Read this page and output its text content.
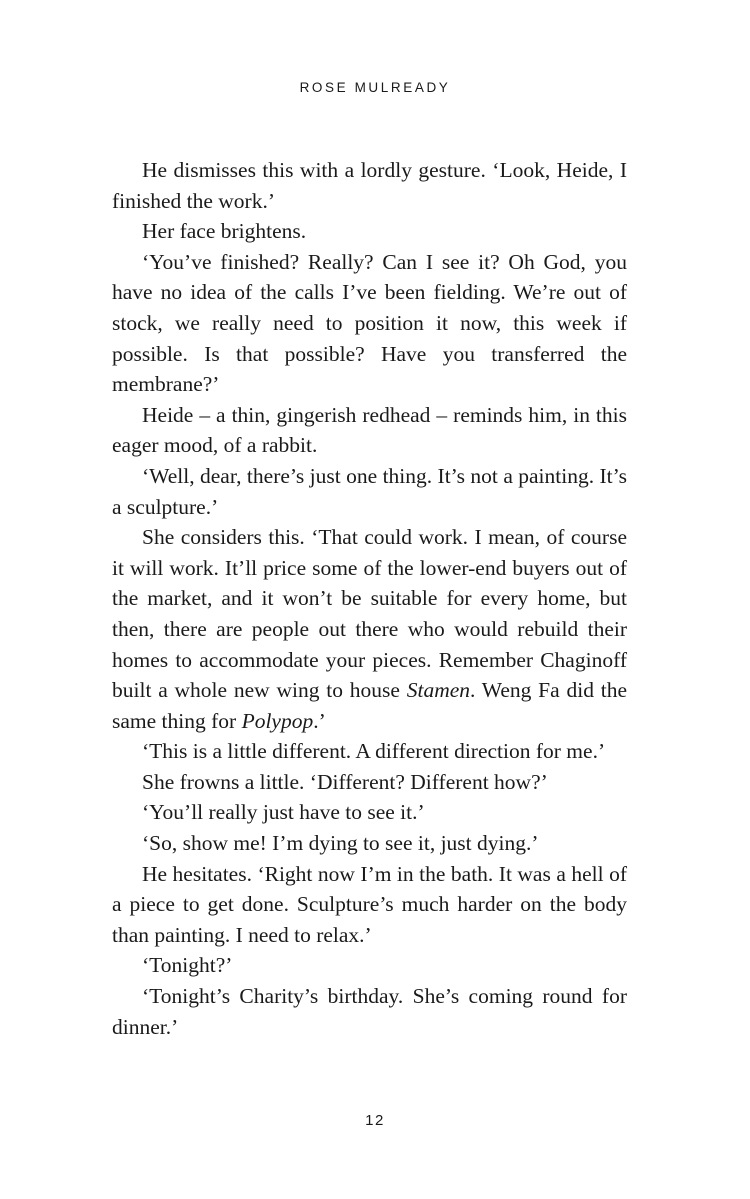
ROSE MULREADY

He dismisses this with a lordly gesture. ‘Look, Heide, I finished the work.’

Her face brightens.

‘You’ve finished? Really? Can I see it? Oh God, you have no idea of the calls I’ve been fielding. We’re out of stock, we really need to position it now, this week if possible. Is that possible? Have you transferred the membrane?’

Heide – a thin, gingerish redhead – reminds him, in this eager mood, of a rabbit.

‘Well, dear, there’s just one thing. It’s not a painting. It’s a sculpture.’

She considers this. ‘That could work. I mean, of course it will work. It’ll price some of the lower-end buyers out of the market, and it won’t be suitable for every home, but then, there are people out there who would rebuild their homes to accommodate your pieces. Remember Chaginoff built a whole new wing to house Stamen. Weng Fa did the same thing for Polypop.’

‘This is a little different. A different direction for me.’

She frowns a little. ‘Different? Different how?’

‘You’ll really just have to see it.’

‘So, show me! I’m dying to see it, just dying.’

He hesitates. ‘Right now I’m in the bath. It was a hell of a piece to get done. Sculpture’s much harder on the body than painting. I need to relax.’

‘Tonight?’

‘Tonight’s Charity’s birthday. She’s coming round for dinner.’

12
